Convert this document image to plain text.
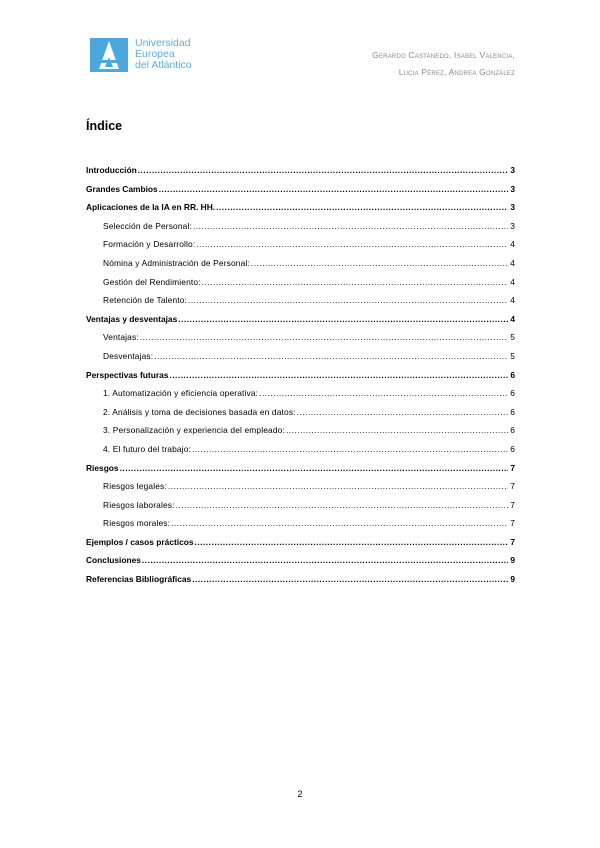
Universidad
Europea
del Atlántico
Gerardo Castanedo, Isabel Valencia,
Lucia Pérez, Andrea González
Índice
Introducción .....	3
Grandes Cambios .....	3
Aplicaciones de la IA en RR. HH. .....	3
Selección de Personal: .....	3
Formación y Desarrollo: .....	4
Nómina y Administración de Personal: .....	4
Gestión del Rendimiento: .....	4
Retención de Talento: .....	4
Ventajas y desventajas .....	4
Ventajas: .....	5
Desventajas: .....	5
Perspectivas futuras .....	6
1. Automatización y eficiencia operativa: .....	6
2. Análisis y toma de decisiones basada en datos: .....	6
3. Personalización y experiencia del empleado: .....	6
4. El futuro del trabajo: .....	6
Riesgos .....	7
Riesgos legales: .....	7
Riesgos laborales: .....	7
Riesgos morales: .....	7
Ejemplos / casos prácticos .....	7
Conclusiones .....	9
Referencias Bibliográficas .....	9
2
